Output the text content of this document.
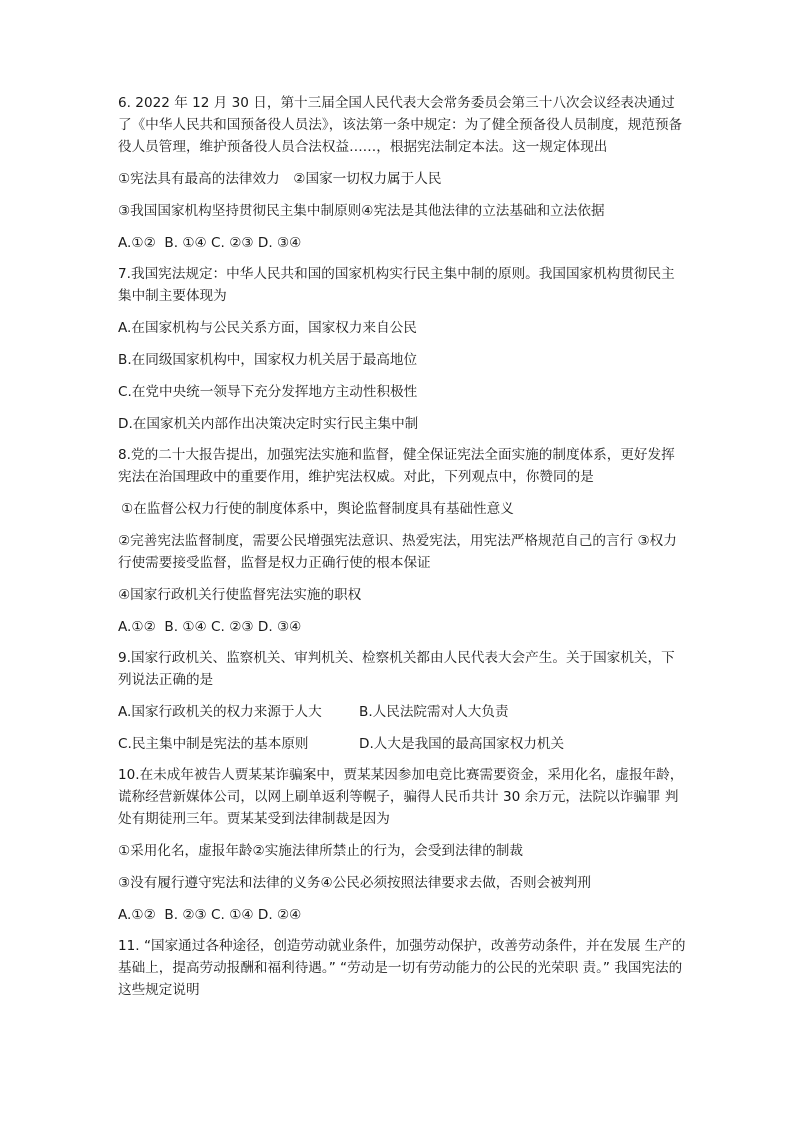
6. 2022 年 12 月 30 日，第十三届全国人民代表大会常务委员会第三十八次会议经表决通过了《中华人民共和国预备役人员法》，该法第一条中规定：为了健全预备役人员制度，规范预备役人员管理，维护预备役人员合法权益……，根据宪法制定本法。这一规定体现出

①宪法具有最高的法律效力　②国家一切权力属于人民

③我国国家机构坚持贯彻民主集中制原则④宪法是其他法律的立法基础和立法依据

A.①②  B. ①④ C. ②③ D. ③④

7.我国宪法规定：中华人民共和国的国家机构实行民主集中制的原则。我国国家机构贯彻民主 集中制主要体现为

A.在国家机构与公民关系方面，国家权力来自公民

B.在同级国家机构中，国家权力机关居于最高地位

C.在党中央统一领导下充分发挥地方主动性积极性

D.在国家机关内部作出决策决定时实行民主集中制

8.党的二十大报告提出，加强宪法实施和监督，健全保证宪法全面实施的制度体系，更好发挥宪法在治国理政中的重要作用，维护宪法权威。对此，下列观点中，你赞同的是

①在监督公权力行使的制度体系中，舆论监督制度具有基础性意义

②完善宪法监督制度，需要公民增强宪法意识、热爱宪法，用宪法严格规范自己的言行 ③权力行使需要接受监督，监督是权力正确行使的根本保证

④国家行政机关行使监督宪法实施的职权

A.①②  B. ①④ C. ②③ D. ③④

9.国家行政机关、监察机关、审判机关、检察机关都由人民代表大会产生。关于国家机关，下列说法正确的是

A.国家行政机关的权力来源于人大	B.人民法院需对人大负责
C.民主集中制是宪法的基本原则	D.人大是我国的最高国家权力机关

10.在未成年被告人贾某某诈骗案中，贾某某因参加电竞比赛需要资金，采用化名，虚报年龄，谎称经营新媒体公司，以网上刷单返利等幌子，骗得人民币共计 30 余万元，法院以诈骗罪 判处有期徒刑三年。贾某某受到法律制裁是因为

①采用化名，虚报年龄②实施法律所禁止的行为，会受到法律的制裁

③没有履行遵守宪法和法律的义务④公民必须按照法律要求去做，否则会被判刑

A.①②  B. ②③ C. ①④ D. ②④

11. “国家通过各种途径，创造劳动就业条件，加强劳动保护，改善劳动条件，并在发展 生产的基础上，提高劳动报酬和福利待遇。” “劳动是一切有劳动能力的公民的光荣职 责。” 我国宪法的这些规定说明
